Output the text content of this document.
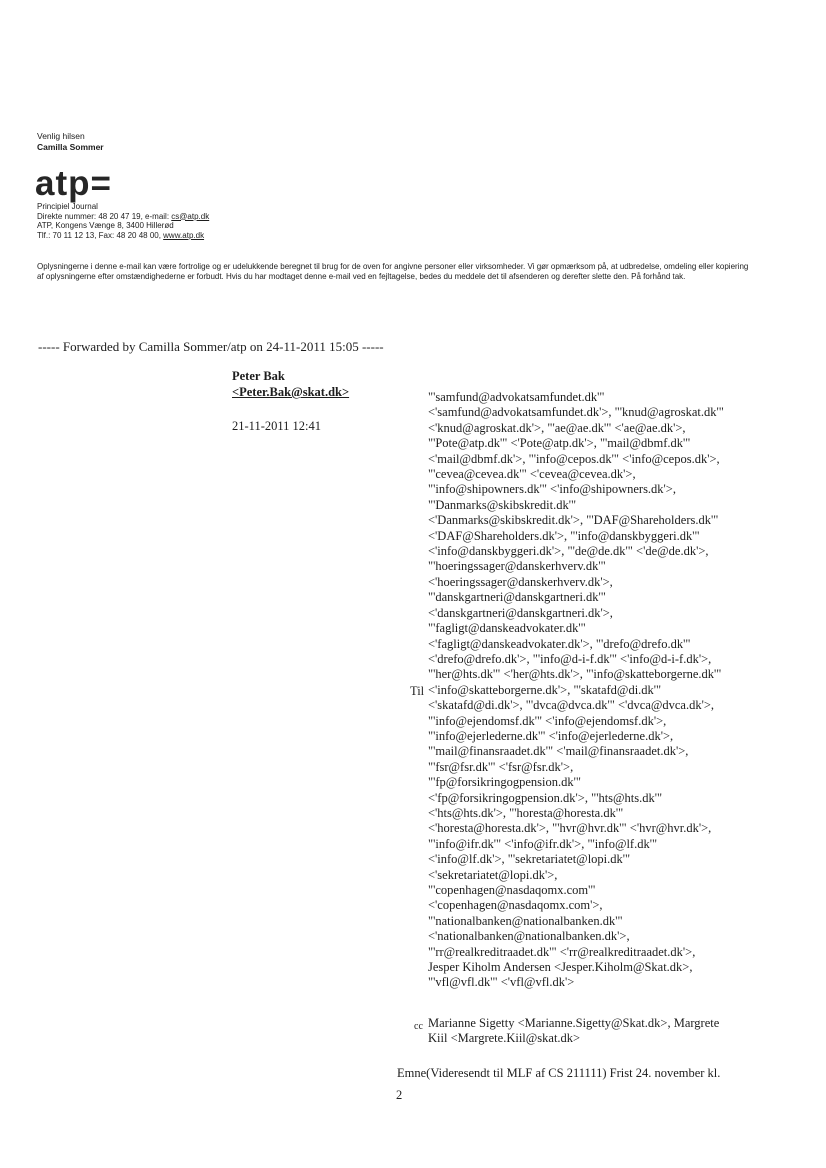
Venlig hilsen
Camilla Sommer
atp=
Principiel Journal
Direkte nummer: 48 20 47 19, e-mail: cs@atp.dk
ATP, Kongens Vænge 8, 3400 Hillerød
Tlf.: 70 11 12 13, Fax: 48 20 48 00, www.atp.dk
Oplysningerne i denne e-mail kan være fortrolige og er udelukkende beregnet til brug for de oven for angivne personer eller virksomheder. Vi gør opmærksom på, at udbredelse, omdeling eller kopiering af oplysningerne efter omstændighederne er forbudt. Hvis du har modtaget denne e-mail ved en fejltagelse, bedes du meddele det til afsenderen og derefter slette den. På forhånd tak.
----- Forwarded by Camilla Sommer/atp on 24-11-2011 15:05 -----
Peter Bak
<Peter.Bak@skat.dk>
21-11-2011 12:41
Til
"'samfund@advokatsamfundet.dk'"
<'samfund@advokatsamfundet.dk'>, "'knud@agroskat.dk'"
<'knud@agroskat.dk'>, "'ae@ae.dk'" <'ae@ae.dk'>,
"'Pote@atp.dk'" <'Pote@atp.dk'>, "'mail@dbmf.dk'"
<'mail@dbmf.dk'>, "'info@cepos.dk'" <'info@cepos.dk'>,
"'cevea@cevea.dk'" <'cevea@cevea.dk'>,
"'info@shipowners.dk'" <'info@shipowners.dk'>,
"'Danmarks@skibskredit.dk'"
<'Danmarks@skibskredit.dk'>, "'DAF@Shareholders.dk'"
<'DAF@Shareholders.dk'>, "'info@danskbyggeri.dk'"
<'info@danskbyggeri.dk'>, "'de@de.dk'" <'de@de.dk'>,
"'hoeringssager@danskerhverv.dk'"
<'hoeringssager@danskerhverv.dk'>,
"'danskgartneri@danskgartneri.dk'"
<'danskgartneri@danskgartneri.dk'>,
"'fagligt@danskeadvokater.dk'"
<'fagligt@danskeadvokater.dk'>, "'drefo@drefo.dk'"
<'drefo@drefo.dk'>, "'info@d-i-f.dk'" <'info@d-i-f.dk'>,
"'her@hts.dk'" <'her@hts.dk'>, "'info@skatteborgerne.dk'"
<'info@skatteborgerne.dk'>, "'skatafd@di.dk'"
<'skatafd@di.dk'>, "'dvca@dvca.dk'" <'dvca@dvca.dk'>,
"'info@ejendomsf.dk'" <'info@ejendomsf.dk'>,
"'info@ejerlederne.dk'" <'info@ejerlederne.dk'>,
"'mail@finansraadet.dk'" <'mail@finansraadet.dk'>,
"'fsr@fsr.dk'" <'fsr@fsr.dk'>,
"'fp@forsikringogpension.dk'"
<'fp@forsikringogpension.dk'>, "'hts@hts.dk'"
<'hts@hts.dk'>, "'horesta@horesta.dk'"
<'horesta@horesta.dk'>, "'hvr@hvr.dk'" <'hvr@hvr.dk'>,
"'info@ifr.dk'" <'info@ifr.dk'>, "'info@lf.dk'"
<'info@lf.dk'>, "'sekretariatet@lopi.dk'"
<'sekretariatet@lopi.dk'>,
"'copenhagen@nasdaqomx.com'"
<'copenhagen@nasdaqomx.com'>,
"'nationalbanken@nationalbanken.dk'"
<'nationalbanken@nationalbanken.dk'>,
"'rr@realkreditraadet.dk'" <'rr@realkreditraadet.dk'>,
Jesper Kiholm Andersen <Jesper.Kiholm@Skat.dk>,
"'vfl@vfl.dk'" <'vfl@vfl.dk'>
cc Marianne Sigetty <Marianne.Sigetty@Skat.dk>, Margrete
Kiil <Margrete.Kiil@skat.dk>
Emne(Videresendt til MLF af CS 211111) Frist 24. november kl.
2
